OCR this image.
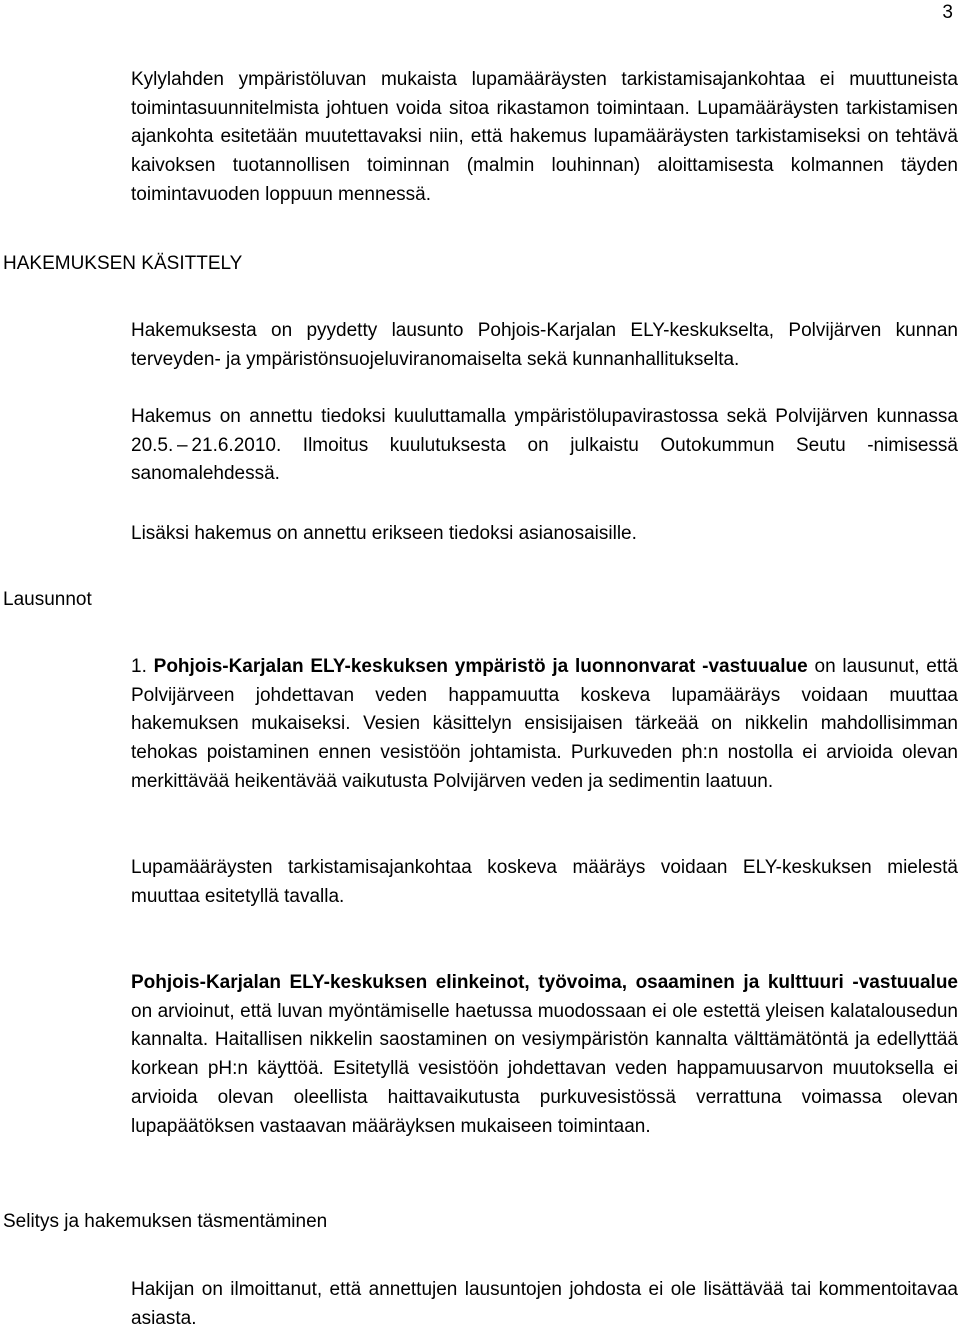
3

Kylylahden ympäristöluvan mukaista lupamääräysten tarkistamisajankohtaa ei muuttuneista toimintasuunnitelmista johtuen voida sitoa rikastamon toimintaan. Lupamääräysten tarkistamisen ajankohta esitetään muutettavaksi niin, että hakemus lupamääräysten tarkistamiseksi on tehtävä kaivoksen tuotannollisen toiminnan (malmin louhinnan) aloittamisesta kolmannen täyden toimintavuoden loppuun mennessä.

HAKEMUKSEN KÄSITTELY

Hakemuksesta on pyydetty lausunto Pohjois-Karjalan ELY-keskukselta, Polvijärven kunnan terveyden- ja ympäristönsuojeluviranomaiselta sekä kunnanhallitukselta.

Hakemus on annettu tiedoksi kuuluttamalla ympäristölupavirastossa sekä Polvijärven kunnassa 20.5. – 21.6.2010. Ilmoitus kuulutuksesta on julkaistu Outokummun Seutu -nimisessä sanomalehdessä.

Lisäksi hakemus on annettu erikseen tiedoksi asianosaisille.

Lausunnot

1. Pohjois-Karjalan ELY-keskuksen ympäristö ja luonnonvarat -vastuualue on lausunut, että Polvijärveen johdettavan veden happamuutta koskeva lupamääräys voidaan muuttaa hakemuksen mukaiseksi. Vesien käsittelyn ensisijaisen tärkeää on nikkelin mahdollisimman tehokas poistaminen ennen vesistöön johtamista. Purkuveden ph:n nostolla ei arvioida olevan merkittävää heikentävää vaikutusta Polvijärven veden ja sedimentin laatuun.

Lupamääräysten tarkistamisajankohtaa koskeva määräys voidaan ELY-keskuksen mielestä muuttaa esitetyllä tavalla.

Pohjois-Karjalan ELY-keskuksen elinkeinot, työvoima, osaaminen ja kulttuuri -vastuualue on arvioinut, että luvan myöntämiselle haetussa muodossaan ei ole estettä yleisen kalatalousedun kannalta. Haitallisen nikkelin saostaminen on vesiympäristön kannalta välttämätöntä ja edellyttää korkean pH:n käyttöä. Esitetyllä vesistöön johdettavan veden happamuusarvon muutoksella ei arvioida olevan oleellista haittavaikutusta purkuvesistössä verrattuna voimassa olevan lupapäätöksen vastaavan määräyksen mukaiseen toimintaan.

Selitys ja hakemuksen täsmentäminen

Hakijan on ilmoittanut, että annettujen lausuntojen johdosta ei ole lisättävää tai kommentoitavaa asiasta.
